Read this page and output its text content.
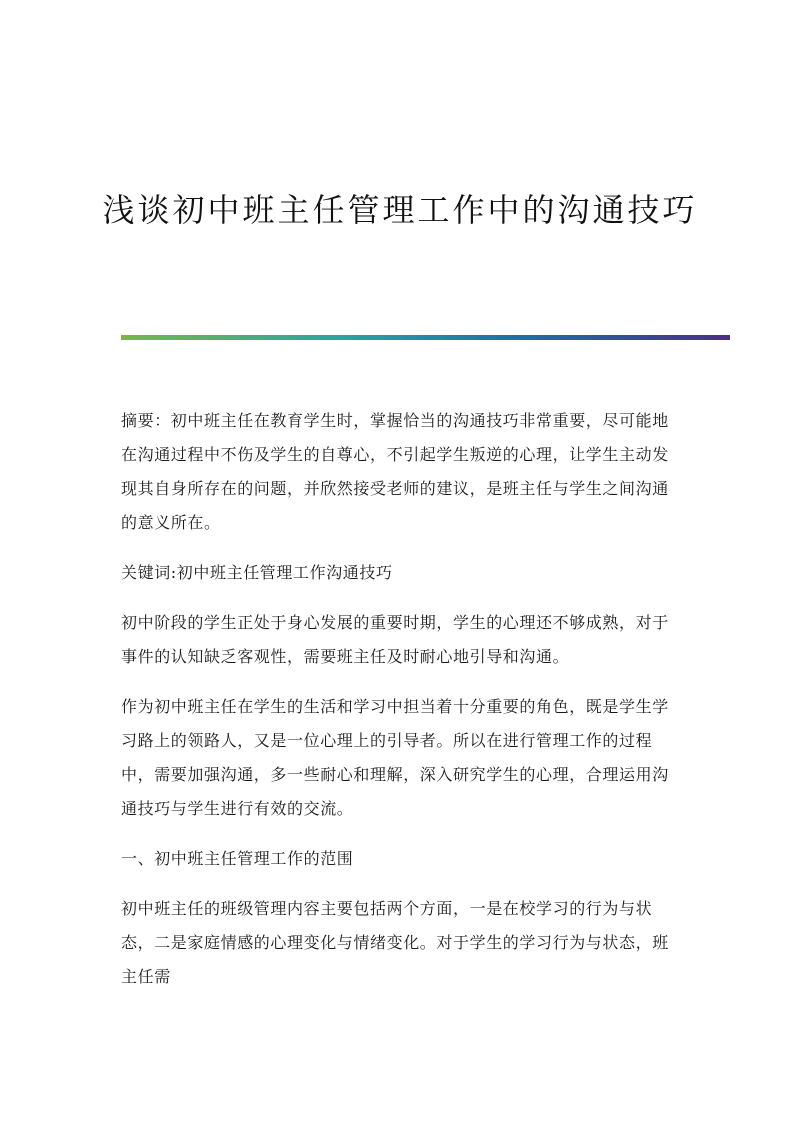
浅谈初中班主任管理工作中的沟通技巧

摘要：初中班主任在教育学生时，掌握恰当的沟通技巧非常重要，尽可能地在沟通过程中不伤及学生的自尊心，不引起学生叛逆的心理，让学生主动发现其自身所存在的问题，并欣然接受老师的建议，是班主任与学生之间沟通的意义所在。

关键词:初中班主任管理工作沟通技巧

初中阶段的学生正处于身心发展的重要时期，学生的心理还不够成熟，对于事件的认知缺乏客观性，需要班主任及时耐心地引导和沟通。

作为初中班主任在学生的生活和学习中担当着十分重要的角色，既是学生学习路上的领路人，又是一位心理上的引导者。所以在进行管理工作的过程中，需要加强沟通，多一些耐心和理解，深入研究学生的心理，合理运用沟通技巧与学生进行有效的交流。

一、初中班主任管理工作的范围

初中班主任的班级管理内容主要包括两个方面，一是在校学习的行为与状态，二是家庭情感的心理变化与情绪变化。对于学生的学习行为与状态，班主任需
